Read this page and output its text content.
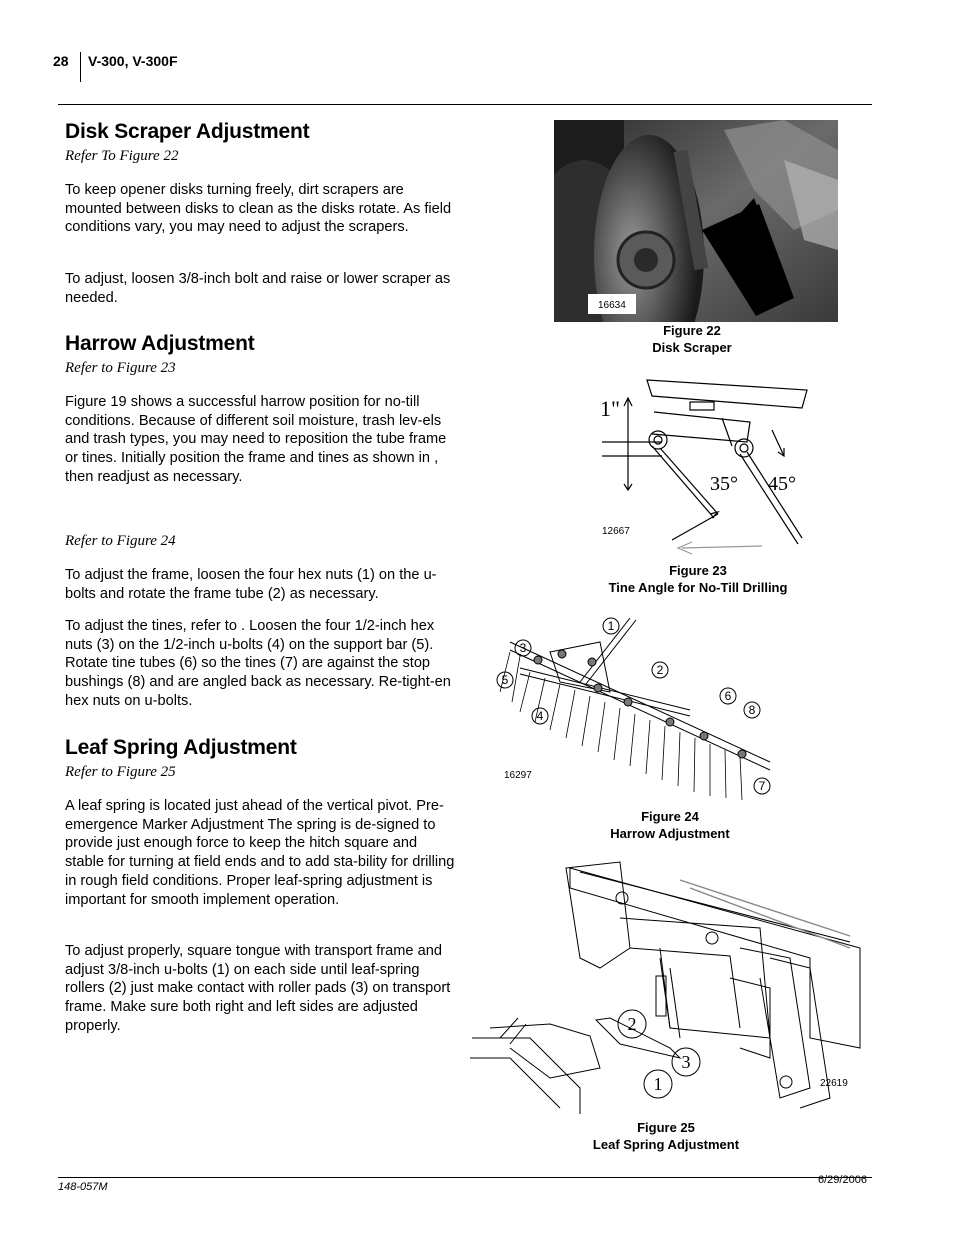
28 V-300, V-300F
Disk Scraper Adjustment
Refer To Figure 22

To keep opener disks turning freely, dirt scrapers are mounted between disks to clean as the disks rotate. As field conditions vary, you may need to adjust the scrapers.

To adjust, loosen 3/8-inch bolt and raise or lower scraper as needed.

Harrow Adjustment
Refer to Figure 23

Figure 19 shows a successful harrow position for no-till conditions. Because of different soil moisture, trash lev-els and trash types, you may need to reposition the tube frame or tines. Initially position the frame and tines as shown in , then readjust as necessary.

Refer to Figure 24

To adjust the frame, loosen the four hex nuts (1) on the u-bolts and rotate the frame tube (2) as necessary.

To adjust the tines, refer to . Loosen the four 1/2-inch hex nuts (3) on the 1/2-inch u-bolts (4) on the support bar (5). Rotate tine tubes (6) so the tines (7) are against the stop bushings (8) and are angled back as necessary. Re-tight-en hex nuts on u-bolts.

Leaf Spring Adjustment
Refer to Figure 25

A leaf spring is located just ahead of the vertical pivot. Pre-emergence Marker Adjustment The spring is de-signed to provide just enough force to keep the hitch square and stable for turning at field ends and to add sta-bility for drilling in rough field conditions. Proper leaf-spring adjustment is important for smooth implement operation.

To adjust properly, square tongue with transport frame and adjust 3/8-inch u-bolts (1) on each side until leaf-spring rollers (2) just make contact with roller pads (3) on transport frame. Make sure both right and left sides are adjusted properly.

16634
Figure 22
Disk Scraper
1"
35° 45°
12667
Figure 23
Tine Angle for No-Till Drilling
1
2
3
4
5
6
7
8
16297
Figure 24
Harrow Adjustment
1
2
3
22619
Figure 25
Leaf Spring Adjustment
148-057M
6/29/2006
